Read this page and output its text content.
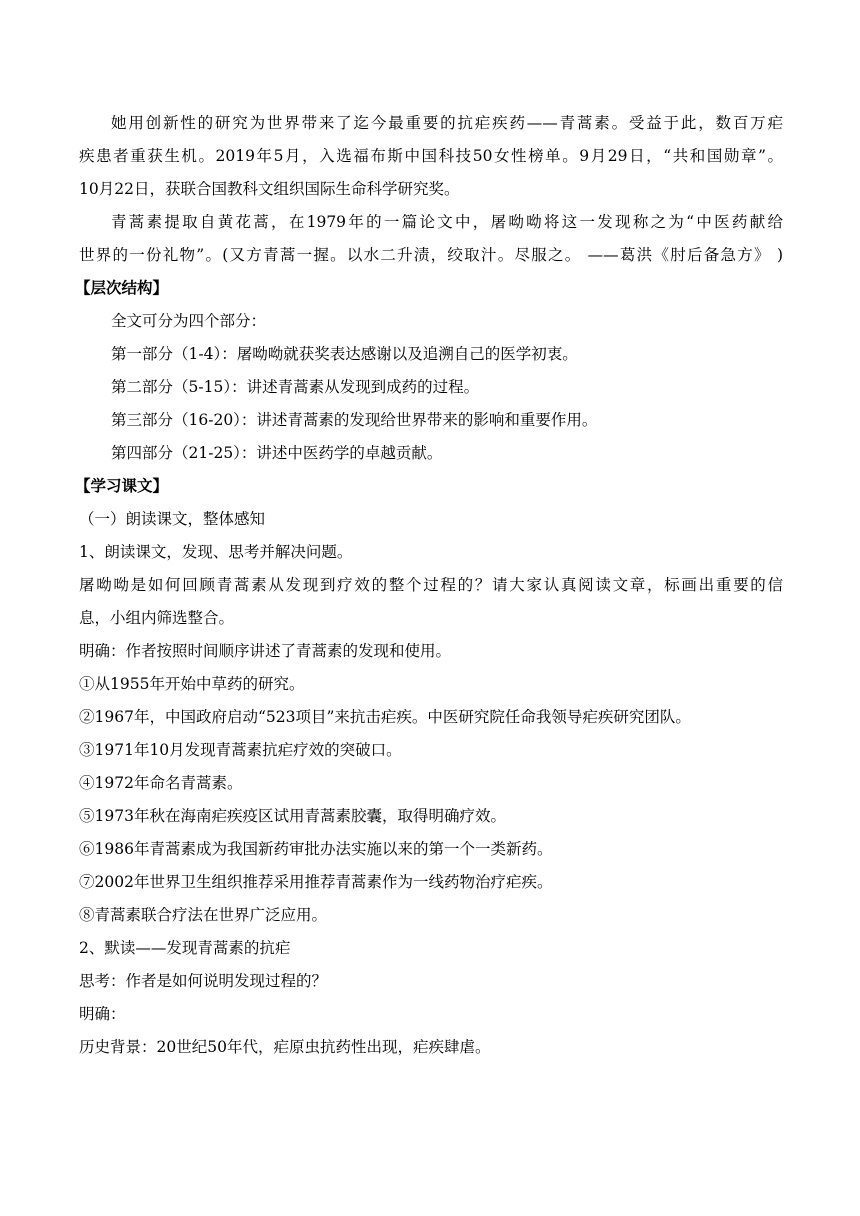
她用创新性的研究为世界带来了迄今最重要的抗疟疾药——青蒿素。受益于此，数百万疟
疾患者重获生机。2019年5月，入选福布斯中国科技50女性榜单。9月29日，“共和国勋章”。
10月22日，获联合国教科文组织国际生命科学研究奖。
青蒿素提取自黄花蒿，在1979年的一篇论文中，屠呦呦将这一发现称之为“中医药献给
世界的一份礼物”。(又方青蒿一握。以水二升渍，绞取汁。尽服之。 ——葛洪《肘后备急方》 )
【层次结构】
全文可分为四个部分：
第一部分（1-4）：屠呦呦就获奖表达感谢以及追溯自己的医学初衷。
第二部分（5-15）：讲述青蒿素从发现到成药的过程。
第三部分（16-20）：讲述青蒿素的发现给世界带来的影响和重要作用。
第四部分（21-25）：讲述中医药学的卓越贡献。
【学习课文】
（一）朗读课文，整体感知
1、朗读课文，发现、思考并解决问题。
屠呦呦是如何回顾青蒿素从发现到疗效的整个过程的？请大家认真阅读文章，标画出重要的信
息，小组内筛选整合。
明确：作者按照时间顺序讲述了青蒿素的发现和使用。
①从1955年开始中草药的研究。
②1967年，中国政府启动“523项目”来抗击疟疾。中医研究院任命我领导疟疾研究团队。
③1971年10月发现青蒿素抗疟疗效的突破口。
④1972年命名青蒿素。
⑤1973年秋在海南疟疾疫区试用青蒿素胶囊，取得明确疗效。
⑥1986年青蒿素成为我国新药审批办法实施以来的第一个一类新药。
⑦2002年世界卫生组织推荐采用推荐青蒿素作为一线药物治疗疟疾。
⑧青蒿素联合疗法在世界广泛应用。
2、默读——发现青蒿素的抗疟
思考：作者是如何说明发现过程的？
明确：
历史背景：20世纪50年代，疟原虫抗药性出现，疟疾肆虐。
